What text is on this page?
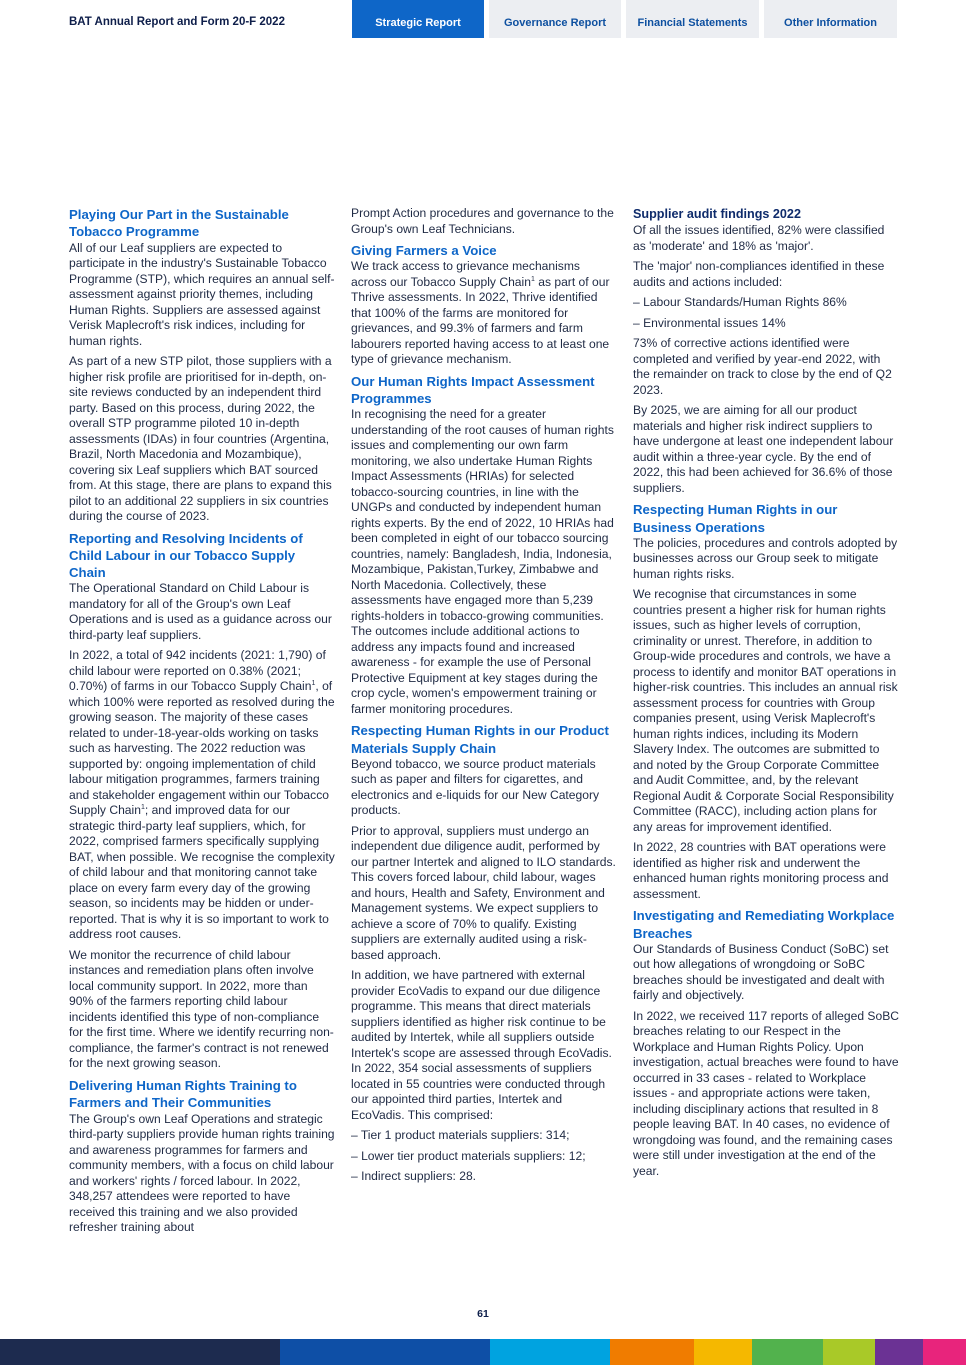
BAT Annual Report and Form 20-F 2022	Strategic Report	Governance Report	Financial Statements	Other Information
Playing Our Part in the Sustainable Tobacco Programme

All of our Leaf suppliers are expected to participate in the industry's Sustainable Tobacco Programme (STP), which requires an annual self-assessment against priority themes, including Human Rights. Suppliers are assessed against Verisk Maplecroft's risk indices, including for human rights.

As part of a new STP pilot, those suppliers with a higher risk profile are prioritised for in-depth, on-site reviews conducted by an independent third party. Based on this process, during 2022, the overall STP programme piloted 10 in-depth assessments (IDAs) in four countries (Argentina, Brazil, North Macedonia and Mozambique), covering six Leaf suppliers which BAT sourced from. At this stage, there are plans to expand this pilot to an additional 22 suppliers in six countries during the course of 2023.

Reporting and Resolving Incidents of Child Labour in our Tobacco Supply Chain

The Operational Standard on Child Labour is mandatory for all of the Group's own Leaf Operations and is used as a guidance across our third-party leaf suppliers.

In 2022, a total of 942 incidents (2021: 1,790) of child labour were reported on 0.38% (2021; 0.70%) of farms in our Tobacco Supply Chain$^1$, of which 100% were reported as resolved during the growing season. The majority of these cases related to under-18-year-olds working on tasks such as harvesting. The 2022 reduction was supported by: ongoing implementation of child labour mitigation programmes, farmers training and stakeholder engagement within our Tobacco Supply Chain$^1$; and improved data for our strategic third-party leaf suppliers, which, for 2022, comprised farmers specifically supplying BAT, when possible. We recognise the complexity of child labour and that monitoring cannot take place on every farm every day of the growing season, so incidents may be hidden or under-reported. That is why it is so important to work to address root causes.

We monitor the recurrence of child labour instances and remediation plans often involve local community support. In 2022, more than 90% of the farmers reporting child labour incidents identified this type of non-compliance for the first time. Where we identify recurring non-compliance, the farmer's contract is not renewed for the next growing season.

Delivering Human Rights Training to Farmers and Their Communities

The Group's own Leaf Operations and strategic third-party suppliers provide human rights training and awareness programmes for farmers and community members, with a focus on child labour and workers' rights / forced labour. In 2022, 348,257 attendees were reported to have received this training and we also provided refresher training about

Prompt Action procedures and governance to the Group's own Leaf Technicians.

Giving Farmers a Voice

We track access to grievance mechanisms across our Tobacco Supply Chain$^1$ as part of our Thrive assessments. In 2022, Thrive identified that 100% of the farms are monitored for grievances, and 99.3% of farmers and farm labourers reported having access to at least one type of grievance mechanism.

Our Human Rights Impact Assessment Programmes

In recognising the need for a greater understanding of the root causes of human rights issues and complementing our own farm monitoring, we also undertake Human Rights Impact Assessments (HRIAs) for selected tobacco-sourcing countries, in line with the UNGPs and conducted by independent human rights experts. By the end of 2022, 10 HRIAs had been completed in eight of our tobacco sourcing countries, namely: Bangladesh, India, Indonesia, Mozambique, Pakistan,Turkey, Zimbabwe and North Macedonia. Collectively, these assessments have engaged more than 5,239 rights-holders in tobacco-growing communities. The outcomes include additional actions to address any impacts found and increased awareness - for example the use of Personal Protective Equipment at key stages during the crop cycle, women's empowerment training or farmer monitoring procedures.

Respecting Human Rights in our Product Materials Supply Chain

Beyond tobacco, we source product materials such as paper and filters for cigarettes, and electronics and e-liquids for our New Category products.

Prior to approval, suppliers must undergo an independent due diligence audit, performed by our partner Intertek and aligned to ILO standards. This covers forced labour, child labour, wages and hours, Health and Safety, Environment and Management systems. We expect suppliers to achieve a score of 70% to qualify. Existing suppliers are externally audited using a risk-based approach.

In addition, we have partnered with external provider EcoVadis to expand our due diligence programme. This means that direct materials suppliers identified as higher risk continue to be audited by Intertek, while all suppliers outside Intertek's scope are assessed through EcoVadis. In 2022, 354 social assessments of suppliers located in 55 countries were conducted through our appointed third parties, Intertek and EcoVadis. This comprised:

– Tier 1 product materials suppliers: 314;
– Lower tier product materials suppliers: 12;
– Indirect suppliers: 28.
Supplier audit findings 2022

Of all the issues identified, 82% were classified as 'moderate' and 18% as 'major'.

The 'major' non-compliances identified in these audits and actions included:

– Labour Standards/Human Rights 86%
– Environmental issues 14%

73% of corrective actions identified were completed and verified by year-end 2022, with the remainder on track to close by the end of Q2 2023.

By 2025, we are aiming for all our product materials and higher risk indirect suppliers to have undergone at least one independent labour audit within a three-year cycle. By the end of 2022, this had been achieved for 36.6% of those suppliers.

Respecting Human Rights in our Business Operations

The policies, procedures and controls adopted by businesses across our Group seek to mitigate human rights risks.

We recognise that circumstances in some countries present a higher risk for human rights issues, such as higher levels of corruption, criminality or unrest. Therefore, in addition to Group-wide procedures and controls, we have a process to identify and monitor BAT operations in higher-risk countries. This includes an annual risk assessment process for countries with Group companies present, using Verisk Maplecroft's human rights indices, including its Modern Slavery Index. The outcomes are submitted to and noted by the Group Corporate Committee and Audit Committee, and, by the relevant Regional Audit & Corporate Social Responsibility Committee (RACC), including action plans for any areas for improvement identified.

In 2022, 28 countries with BAT operations were identified as higher risk and underwent the enhanced human rights monitoring process and assessment.

Investigating and Remediating Workplace Breaches

Our Standards of Business Conduct (SoBC) set out how allegations of wrongdoing or SoBC breaches should be investigated and dealt with fairly and objectively.

In 2022, we received 117 reports of alleged SoBC breaches relating to our Respect in the Workplace and Human Rights Policy. Upon investigation, actual breaches were found to have occurred in 33 cases - related to Workplace issues - and appropriate actions were taken, including disciplinary actions that resulted in 8 people leaving BAT. In 40 cases, no evidence of wrongdoing was found, and the remaining cases were still under investigation at the end of the year.

61
